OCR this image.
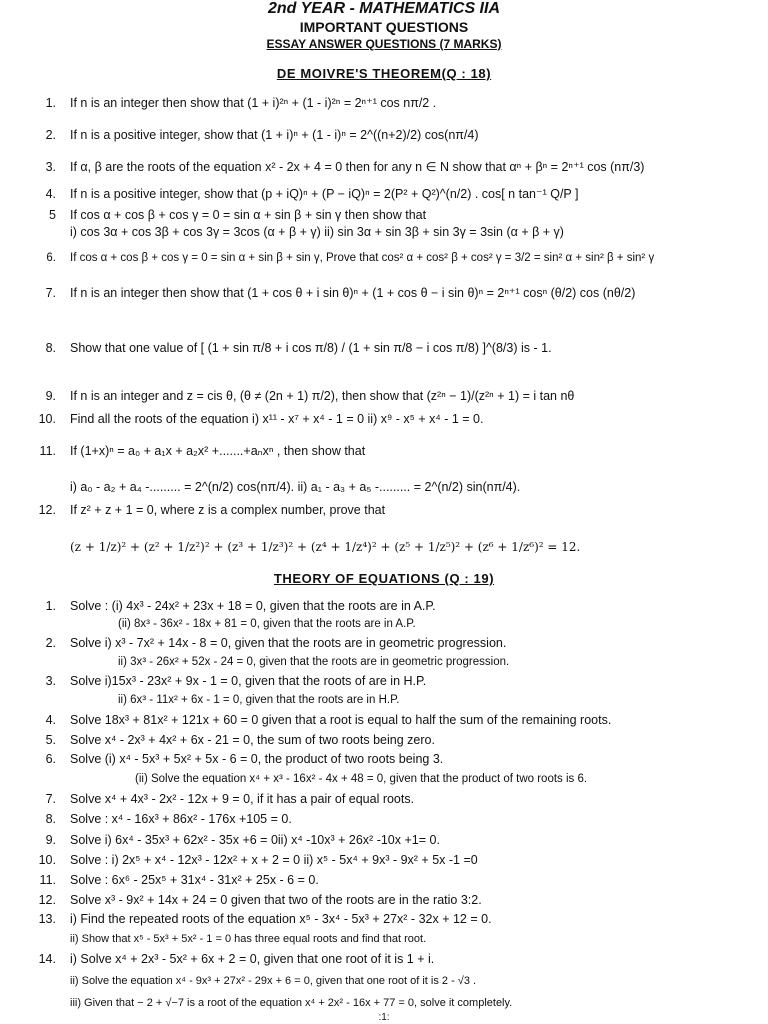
2nd YEAR - MATHEMATICS IIA
IMPORTANT QUESTIONS
ESSAY ANSWER QUESTIONS (7 MARKS)
DE MOIVRE'S THEOREM(Q : 18)
1. If n is an integer then show that (1 + i)²ⁿ + (1 - i)²ⁿ = 2ⁿ⁺¹ cos nπ/2 .
2. If n is a positive integer, show that (1 + i)ⁿ + (1 - i)ⁿ = 2^((n+2)/2) cos(nπ/4)
3. If α, β are the roots of the equation x² - 2x + 4 = 0 then for any n ∈ N show that αⁿ + βⁿ = 2ⁿ⁺¹ cos (nπ/3)
4. If n is a positive integer, show that (p + iQ)ⁿ + (P − iQ)ⁿ = 2(P² + Q²)^(n/2) . cos[ n tan⁻¹ Q/P ]
5 If cos α + cos β + cos γ = 0 = sin α + sin β + sin γ then show that
i) cos 3α + cos 3β + cos 3γ = 3cos (α + β + γ) ii) sin 3α + sin 3β + sin 3γ = 3sin (α + β + γ)
6. If cos α + cos β + cos γ = 0 = sin α + sin β + sin γ, Prove that cos² α + cos² β + cos² γ = 3/2 = sin² α + sin² β + sin² γ
7. If n is an integer then show that (1 + cos θ + i sin θ)ⁿ + (1 + cos θ − i sin θ)ⁿ = 2ⁿ⁺¹ cosⁿ (θ/2) cos (nθ/2)
8. Show that one value of [ (1 + sin π/8 + i cos π/8) / (1 + sin π/8 − i cos π/8) ]^(8/3) is - 1.
9. If n is an integer and z = cis θ, (θ ≠ (2n + 1) π/2), then show that (z²ⁿ − 1)/(z²ⁿ + 1) = i tan nθ
10. Find all the roots of the equation i) x¹¹ - x⁷ + x⁴ - 1 = 0 ii) x⁹ - x⁵ + x⁴ - 1 = 0.
11. If (1+x)ⁿ = a₀ + a₁x + a₂x² +.......+aₙxⁿ , then show that
i) a₀ - a₂ + a₄ -......... = 2^(n/2) cos(nπ/4). ii) a₁ - a₃ + a₅ -......... = 2^(n/2) sin(nπ/4).
12. If z² + z + 1 = 0, where z is a complex number, prove that
(z + 1/z)² + (z² + 1/z²)² + (z³ + 1/z³)² + (z⁴ + 1/z⁴)² + (z⁵ + 1/z⁵)² + (z⁶ + 1/z⁶)² = 12.
THEORY OF EQUATIONS (Q : 19)
1. Solve : (i) 4x³ - 24x² + 23x + 18 = 0, given that the roots are in A.P.
(ii) 8x³ - 36x² - 18x + 81 = 0, given that the roots are in A.P.
2. Solve i) x³ - 7x² + 14x - 8 = 0, given that the roots are in geometric progression.
ii) 3x³ - 26x² + 52x - 24 = 0, given that the roots are in geometric progression.
3. Solve i)15x³ - 23x² + 9x - 1 = 0, given that the roots of are in H.P.
ii) 6x³ - 11x² + 6x - 1 = 0, given that the roots are in H.P.
4. Solve 18x³ + 81x² + 121x + 60 = 0 given that a root is equal to half the sum of the remaining roots.
5. Solve x⁴ - 2x³ + 4x² + 6x - 21 = 0, the sum of two roots being zero.
6. Solve (i) x⁴ - 5x³ + 5x² + 5x - 6 = 0, the product of two roots being 3.
(ii) Solve the equation x⁴ + x³ - 16x² - 4x + 48 = 0, given that the product of two roots is 6.
7. Solve x⁴ + 4x³ - 2x² - 12x + 9 = 0, if it has a pair of equal roots.
8. Solve : x⁴ - 16x³ + 86x² - 176x +105 = 0.
9. Solve i) 6x⁴ - 35x³ + 62x² - 35x +6 = 0ii) x⁴ -10x³ + 26x² -10x +1= 0.
10. Solve : i) 2x⁵ + x⁴ - 12x³ - 12x² + x + 2 = 0 ii) x⁵ - 5x⁴ + 9x³ - 9x² + 5x -1 =0
11. Solve : 6x⁶ - 25x⁵ + 31x⁴ - 31x² + 25x - 6 = 0.
12. Solve x³ - 9x² + 14x + 24 = 0 given that two of the roots are in the ratio 3:2.
13. i) Find the repeated roots of the equation x⁵ - 3x⁴ - 5x³ + 27x² - 32x + 12 = 0.
ii) Show that x⁵ - 5x³ + 5x² - 1 = 0 has three equal roots and find that root.
14. i) Solve x⁴ + 2x³ - 5x² + 6x + 2 = 0, given that one root of it is 1 + i.
ii) Solve the equation x⁴ - 9x³ + 27x² - 29x + 6 = 0, given that one root of it is 2 - √3 .
iii) Given that − 2 + √−7 is a root of the equation x⁴ + 2x² - 16x + 77 = 0, solve it completely.
:1:
